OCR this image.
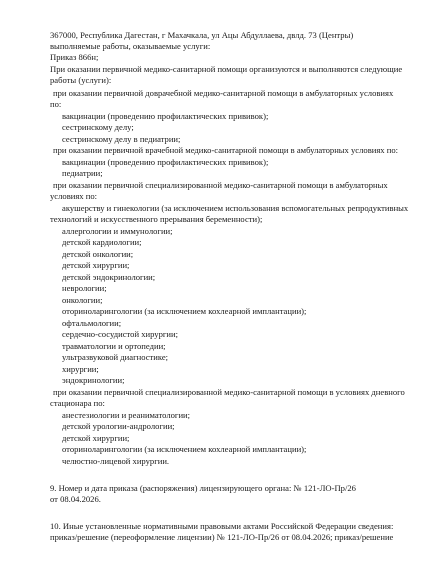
367000, Республика Дагестан, г Махачкала, ул Ацы Абдуллаева, двлд. 73 (Центры)
выполняемые работы, оказываемые услуги:
Приказ 866н;
При оказании первичной медико-санитарной помощи организуются и выполняются следующие
работы (услуги):
при оказании первичной доврачебной медико-санитарной помощи в амбулаторных условиях
по:
вакцинации (проведению профилактических прививок);
сестринскому делу;
сестринскому делу в педиатрии;
при оказании первичной врачебной медико-санитарной помощи в амбулаторных условиях по:
вакцинации (проведению профилактических прививок);
педиатрии;
при оказании первичной специализированной медико-санитарной помощи в амбулаторных
условиях по:
акушерству и гинекологии (за исключением использования вспомогательных репродуктивных
технологий и искусственного прерывания беременности);
аллергологии и иммунологии;
детской кардиологии;
детской онкологии;
детской хирургии;
детской эндокринологии;
неврологии;
онкологии;
оториноларингологии (за исключением кохлеарной имплантации);
офтальмологии;
сердечно-сосудистой хирургии;
травматологии и ортопедии;
ультразвуковой диагностике;
хирургии;
эндокринологии;
при оказании первичной специализированной медико-санитарной помощи в условиях дневного
стационара по:
анестезиологии и реаниматологии;
детской урологии-андрологии;
детской хирургии;
оториноларингологии (за исключением кохлеарной имплантации);
челюстно-лицевой хирургии.
9. Номер и дата приказа (распоряжения) лицензирующего органа: № 121-ЛО-Пр/26
от 08.04.2026.
10. Иные установленные нормативными правовыми актами Российской Федерации сведения:
приказ/решение (переоформление лицензии) № 121-ЛО-Пр/26 от 08.04.2026; приказ/решение
